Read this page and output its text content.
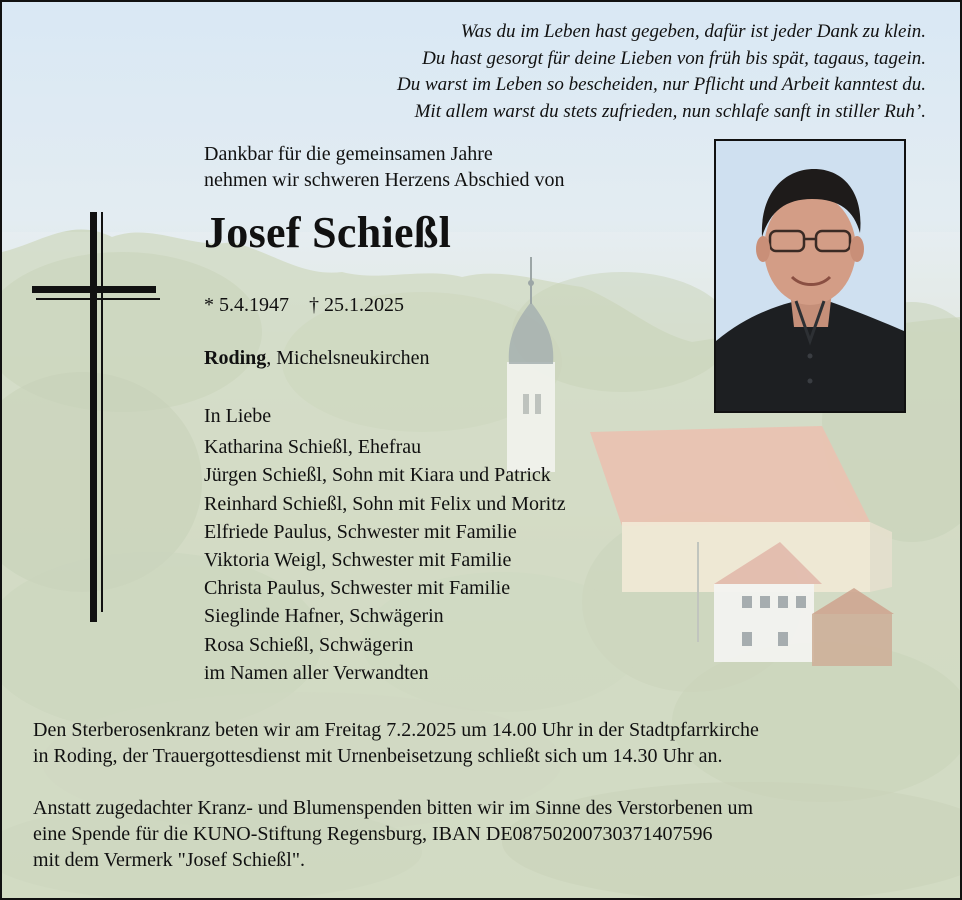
Was du im Leben hast gegeben, dafür ist jeder Dank zu klein.
Du hast gesorgt für deine Lieben von früh bis spät, tagaus, tagein.
Du warst im Leben so bescheiden, nur Pflicht und Arbeit kanntest du.
Mit allem warst du stets zufrieden, nun schlafe sanft in stiller Ruh’.
Dankbar für die gemeinsamen Jahre
nehmen wir schweren Herzens Abschied von
Josef Schießl
* 5.4.1947 † 25.1.2025
Roding, Michelsneukirchen
In Liebe
Katharina Schießl, Ehefrau
Jürgen Schießl, Sohn mit Kiara und Patrick
Reinhard Schießl, Sohn mit Felix und Moritz
Elfriede Paulus, Schwester mit Familie
Viktoria Weigl, Schwester mit Familie
Christa Paulus, Schwester mit Familie
Sieglinde Hafner, Schwägerin
Rosa Schießl, Schwägerin
im Namen aller Verwandten
Den Sterberosenkranz beten wir am Freitag 7.2.2025 um 14.00 Uhr in der Stadtpfarrkirche
in Roding, der Trauergottesdienst mit Urnenbeisetzung schließt sich um 14.30 Uhr an.
Anstatt zugedachter Kranz- und Blumenspenden bitten wir im Sinne des Verstorbenen um
eine Spende für die KUNO-Stiftung Regensburg, IBAN DE08750200730371407596
mit dem Vermerk "Josef Schießl".
